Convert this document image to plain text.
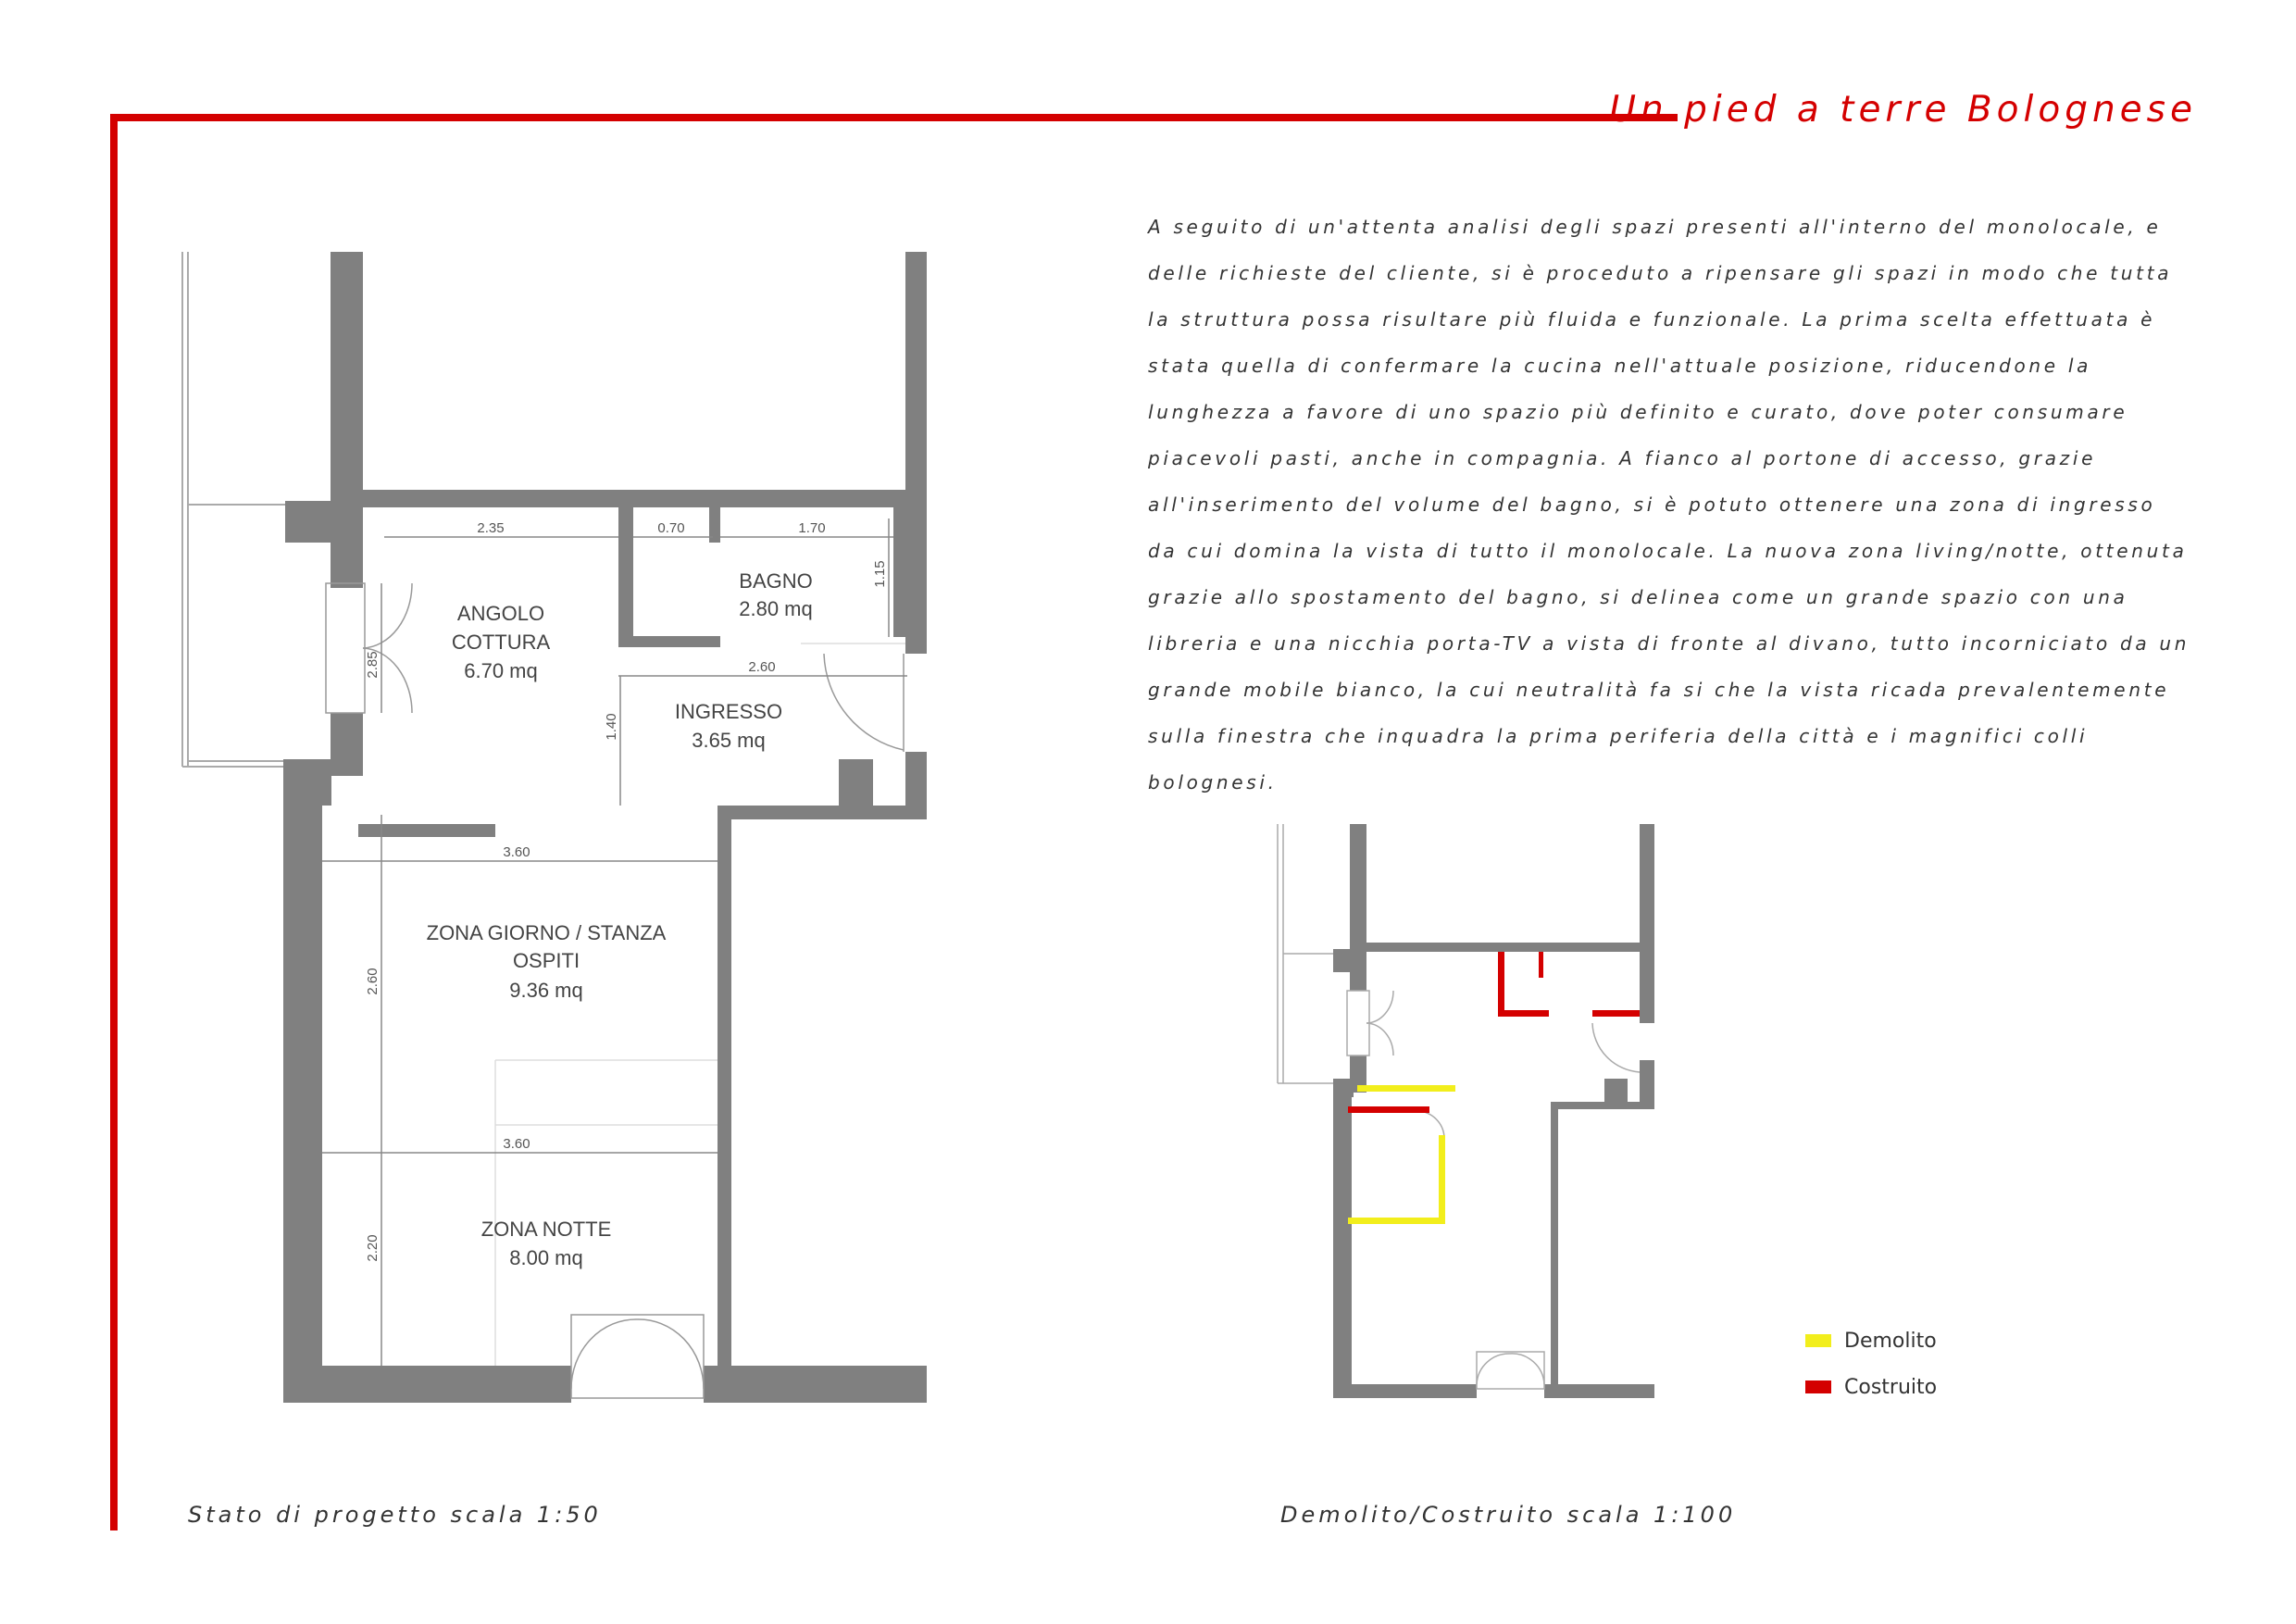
Un pied a terre Bolognese

A seguito di un'attenta analisi degli spazi presenti all'interno del monolocale, e delle richieste del cliente, si è proceduto a ripensare gli spazi in modo che tutta la struttura possa risultare più fluida e funzionale. La prima scelta effettuata è stata quella di confermare la cucina nell'attuale posizione, riducendone la lunghezza a favore di uno spazio più definito e curato, dove poter consumare piacevoli pasti, anche in compagnia. A fianco al portone di accesso, grazie all'inserimento del volume del bagno, si è potuto ottenere una zona di ingresso da cui domina la vista di tutto il monolocale. La nuova zona living/notte, ottenuta grazie allo spostamento del bagno, si delinea come un grande spazio con una libreria e una nicchia porta-TV a vista di fronte al divano, tutto incorniciato da un grande mobile bianco, la cui neutralità fa si che la vista ricada prevalentemente sulla finestra che inquadra la prima periferia della città e i magnifici colli bolognesi.

2.35	0.70	1.70
1.15
2.85	2.60
1.40
3.60
2.60
3.60
2.20
ANGOLO
COTTURA
6.70 mq
BAGNO
2.80 mq
INGRESSO
3.65 mq
ZONA GIORNO / STANZA
OSPITI
9.36 mq
ZONA NOTTE
8.00 mq
Demolito
Costruito
Stato di progetto scala 1:50	Demolito/Costruito scala 1:100
